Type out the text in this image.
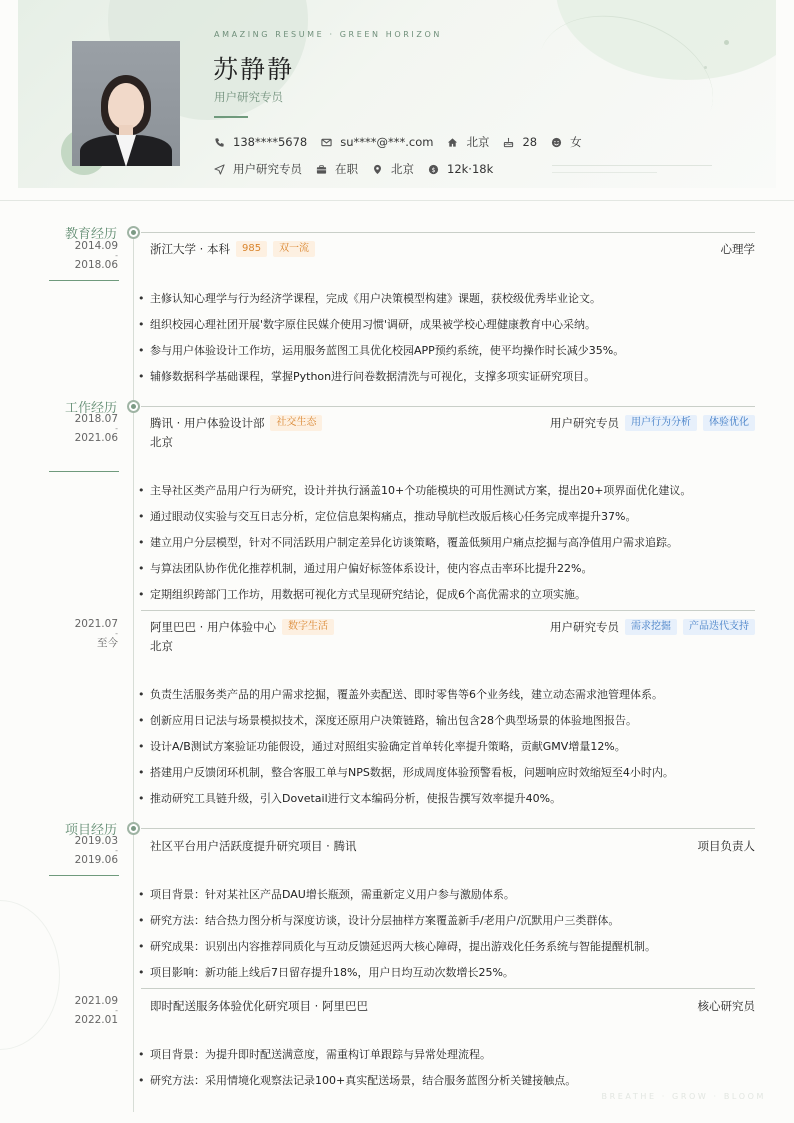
AMAZING RESUME · GREEN HORIZON
苏静静
用户研究专员
138****5678	su****@***.com	北京	28	女
用户研究专员	在职	北京 $ 12k·18k
教育经历
2014.09
-
2018.06
浙江大学 · 本科	985	双一流	心理学
• 主修认知心理学与行为经济学课程，完成《用户决策模型构建》课题，获校级优秀毕业论文。
• 组织校园心理社团开展'数字原住民媒介使用习惯'调研，成果被学校心理健康教育中心采纳。
• 参与用户体验设计工作坊，运用服务蓝图工具优化校园APP预约系统，使平均操作时长减少35%。
• 辅修数据科学基础课程，掌握Python进行问卷数据清洗与可视化，支撑多项实证研究项目。
工作经历
2018.07
-
2021.06
腾讯 · 用户体验设计部	社交生态	用户研究专员	用户行为分析	体验优化
北京
• 主导社区类产品用户行为研究，设计并执行涵盖10+个功能模块的可用性测试方案，提出20+项界面优化建议。
• 通过眼动仪实验与交互日志分析，定位信息架构痛点，推动导航栏改版后核心任务完成率提升37%。
• 建立用户分层模型，针对不同活跃用户制定差异化访谈策略，覆盖低频用户痛点挖掘与高净值用户需求追踪。
• 与算法团队协作优化推荐机制，通过用户偏好标签体系设计，使内容点击率环比提升22%。
• 定期组织跨部门工作坊，用数据可视化方式呈现研究结论，促成6个高优需求的立项实施。
2021.07
-
至今
阿里巴巴 · 用户体验中心	数字生活	用户研究专员	需求挖掘	产品迭代支持
北京
• 负责生活服务类产品的用户需求挖掘，覆盖外卖配送、即时零售等6个业务线，建立动态需求池管理体系。
• 创新应用日记法与场景模拟技术，深度还原用户决策链路，输出包含28个典型场景的体验地图报告。
• 设计A/B测试方案验证功能假设，通过对照组实验确定首单转化率提升策略，贡献GMV增量12%。
• 搭建用户反馈闭环机制，整合客服工单与NPS数据，形成周度体验预警看板，问题响应时效缩短至4小时内。
• 推动研究工具链升级，引入Dovetail进行文本编码分析，使报告撰写效率提升40%。
项目经历
2019.03
-
2019.06
社区平台用户活跃度提升研究项目 · 腾讯	项目负责人
• 项目背景：针对某社区产品DAU增长瓶颈，需重新定义用户参与激励体系。
• 研究方法：结合热力图分析与深度访谈，设计分层抽样方案覆盖新手/老用户/沉默用户三类群体。
• 研究成果：识别出内容推荐同质化与互动反馈延迟两大核心障碍，提出游戏化任务系统与智能提醒机制。
• 项目影响：新功能上线后7日留存提升18%，用户日均互动次数增长25%。
2021.09
-
2022.01
即时配送服务体验优化研究项目 · 阿里巴巴	核心研究员
• 项目背景：为提升即时配送满意度，需重构订单跟踪与异常处理流程。
• 研究方法：采用情境化观察法记录100+真实配送场景，结合服务蓝图分析关键接触点。
BREATHE · GROW · BLOOM
